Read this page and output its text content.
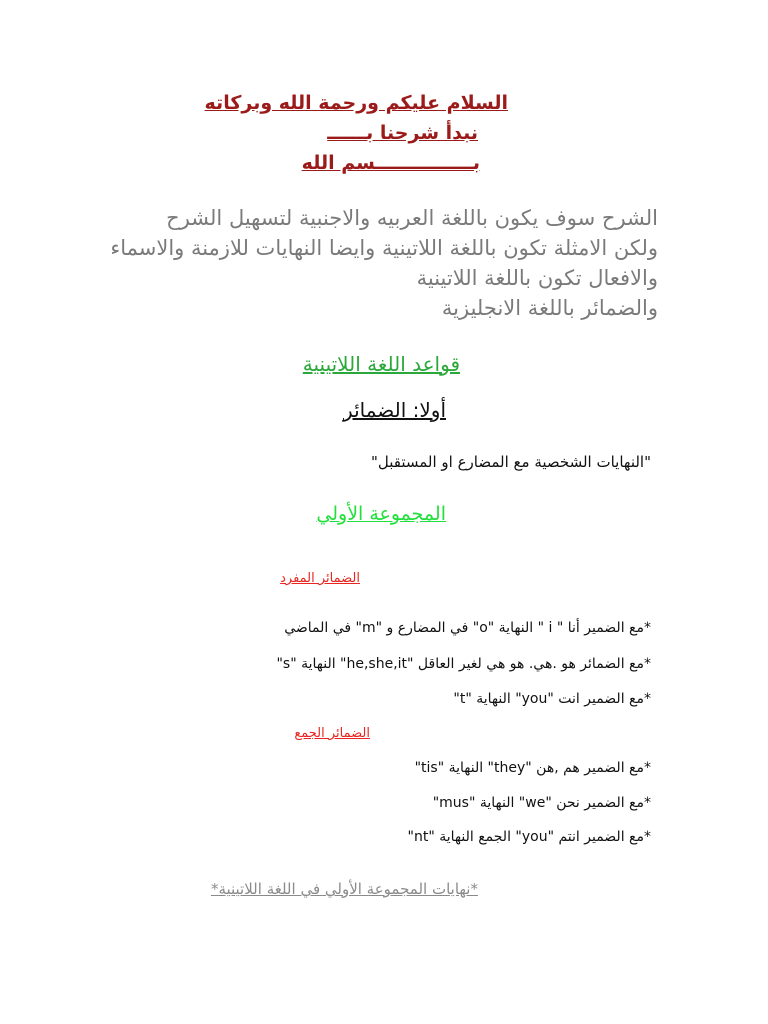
السلام عليكم ورحمة الله وبركاته

نبدأ شرحنا بــــــ

بـــــــــــــــسم الله

الشرح سوف يكون باللغة العربيه والاجنبية لتسهيل الشرح

ولكن الامثلة تكون باللغة اللاتينية وايضا النهايات للازمنة والاسماء

والافعال تكون باللغة اللاتينية

والضمائر باللغة الانجليزية

قواعد اللغة اللاتينية

أولا: الضمائر

"النهايات الشخصية مع المضارع او المستقبل"

المجموعة الأولي

الضمائر المفرد

*مع الضمير أنا " i " النهاية "o" في المضارع و "m" في الماضي

*مع الضمائر هو .هي. هو هي لغير العاقل "he,she,it" النهاية "s"

*مع الضمير انت "you" النهاية "t"

الضمائر الجمع

*مع الضمير هم ,هن "they" النهاية "tis"

*مع الضمير نحن "we" النهاية "mus"

*مع الضمير انتم "you" الجمع النهاية "nt"

*نهايات المجموعة الأولي في اللغة اللاتينية*
